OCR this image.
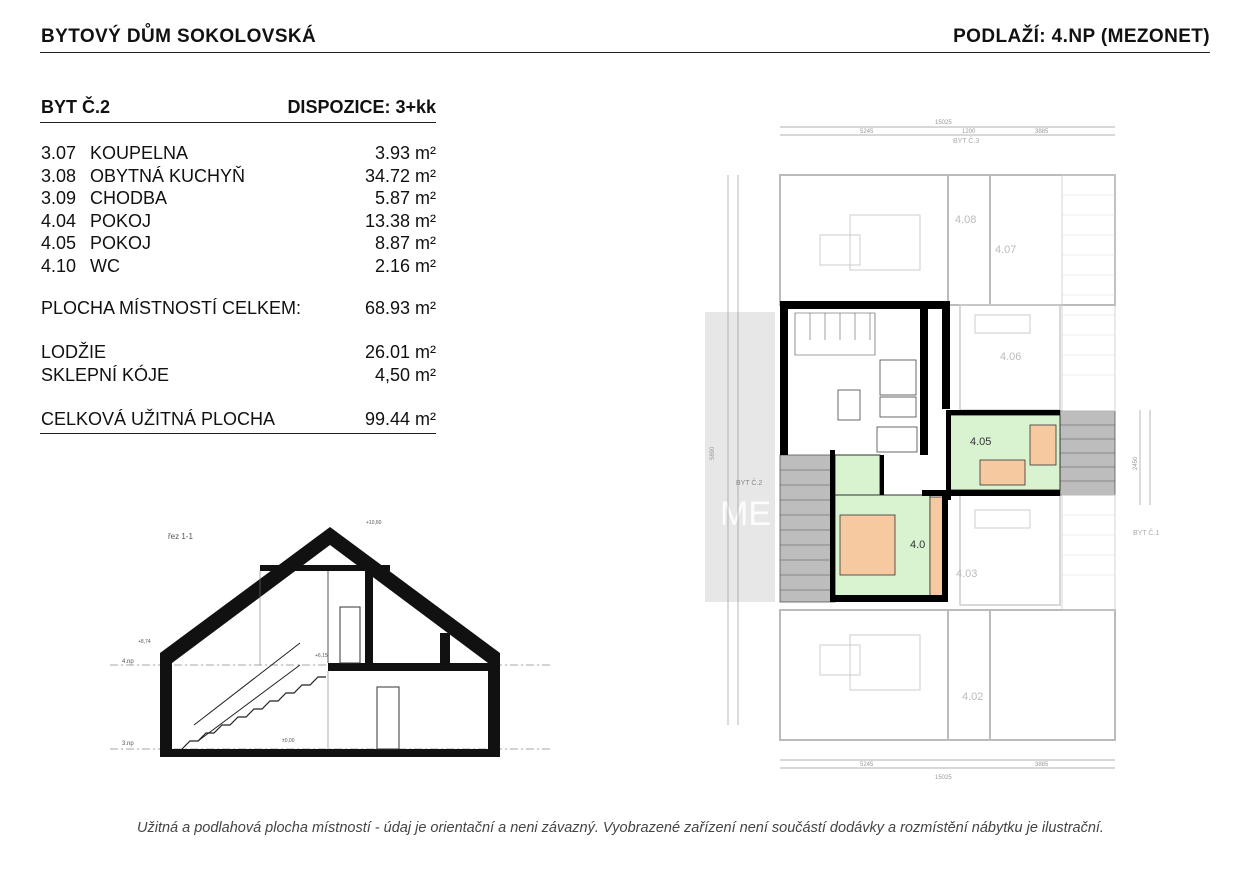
BYTOVÝ DŮM SOKOLOVSKÁ	PODLAŽÍ: 4.NP (MEZONET)
BYT Č.2	DISPOZICE: 3+kk
3.07 KOUPELNA	3.93 m²
3.08 OBYTNÁ KUCHYŇ	34.72 m²
3.09 CHODBA	5.87 m²
4.04 POKOJ	13.38 m²
4.05 POKOJ	8.87 m²
4.10 WC	2.16 m²
PLOCHA MÍSTNOSTÍ CELKEM:	68.93 m²
LODŽIE	26.01 m²
SKLEPNÍ KÓJE	4,50 m²
CELKOVÁ UŽITNÁ PLOCHA	99.44 m²
řez 1-1
+10,60
+8,74
+6,15
±0,00
4.np
3.np
ME
15025
5245	1200	3885
15025
5245	3885
5890
2450
BYT Č.3
4.08
4.07
4.06
4.03
4.02
BYT Č.1
4.05
4.0
BYT Č.2
Užitná a podlahová plocha místností - údaj je orientační a neni závazný. Vyobrazené zařízení není součástí dodávky a rozmístění nábytku je ilustrační.
